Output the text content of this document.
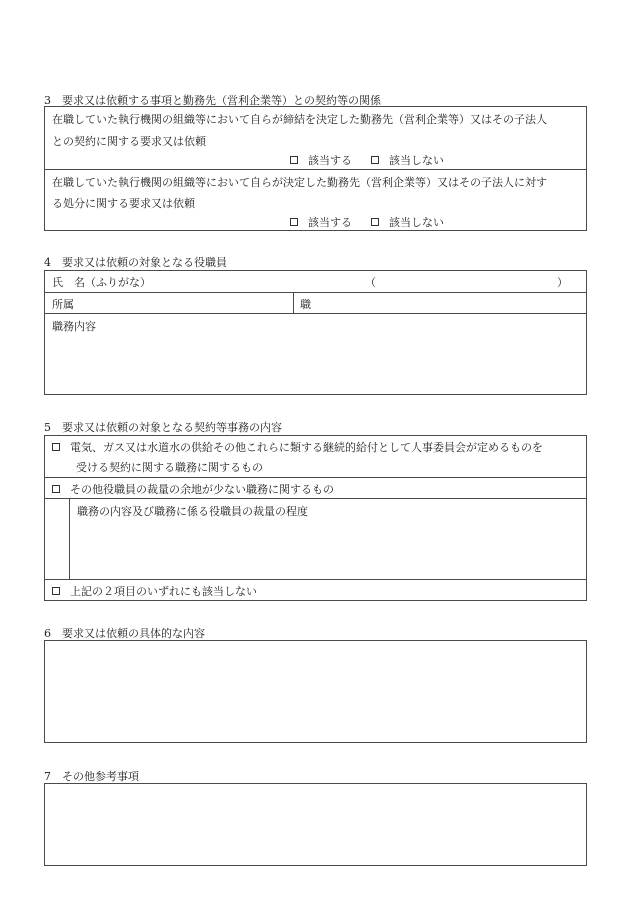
3　要求又は依頼する事項と勤務先（営利企業等）との契約等の関係
在職していた執行機関の組織等において自らが締結を決定した勤務先（営利企業等）又はその子法人
との契約に関する要求又は依頼
該当する	該当しない
在職していた執行機関の組織等において自らが決定した勤務先（営利企業等）又はその子法人に対す
る処分に関する要求又は依頼
該当する	該当しない
4　要求又は依頼の対象となる役職員
氏　名（ふりがな）	（	）
所属	職
職務内容
5　要求又は依頼の対象となる契約等事務の内容
電気、ガス又は水道水の供給その他これらに類する継続的給付として人事委員会が定めるものを
受ける契約に関する職務に関するもの
その他役職員の裁量の余地が少ない職務に関するもの
職務の内容及び職務に係る役職員の裁量の程度
上記の２項目のいずれにも該当しない
6　要求又は依頼の具体的な内容
7　その他参考事項
